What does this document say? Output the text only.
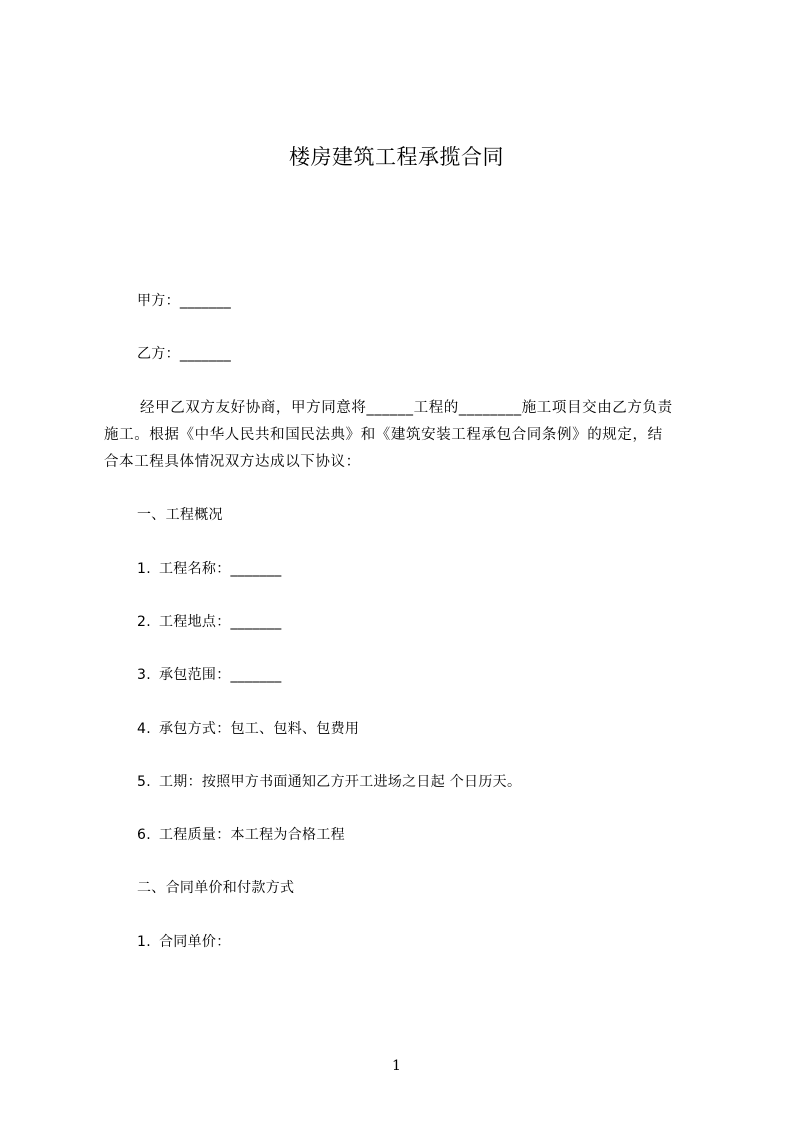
楼房建筑工程承揽合同
甲方：_______
乙方：_______
经甲乙双方友好协商，甲方同意将______工程的________施工项目交由乙方负责
施工。根据《中华人民共和国民法典》和《建筑安装工程承包合同条例》的规定，结
合本工程具体情况双方达成以下协议：
一、工程概况
1. 工程名称：_______
2. 工程地点：_______
3. 承包范围：_______
4. 承包方式：包工、包料、包费用
5. 工期：按照甲方书面通知乙方开工进场之日起 个日历天。
6. 工程质量：本工程为合格工程
二、合同单价和付款方式
1. 合同单价：
1
